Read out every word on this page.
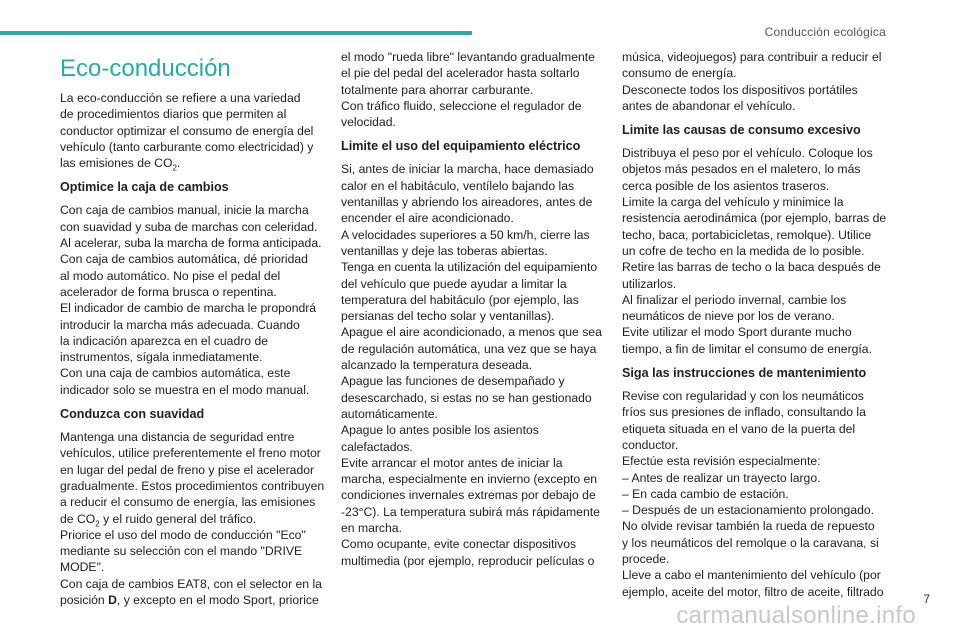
Conducción ecológica
Eco-conducción

La eco-conducción se refiere a una variedad
de procedimientos diarios que permiten al
conductor optimizar el consumo de energía del
vehículo (tanto carburante como electricidad) y
las emisiones de $CO_2$.

Optimice la caja de cambios

Con caja de cambios manual, inicie la marcha
con suavidad y suba de marchas con celeridad.
Al acelerar, suba la marcha de forma anticipada.
Con caja de cambios automática, dé prioridad
al modo automático. No pise el pedal del
acelerador de forma brusca o repentina.
El indicador de cambio de marcha le propondrá
introducir la marcha más adecuada. Cuando
la indicación aparezca en el cuadro de
instrumentos, sígala inmediatamente.
Con una caja de cambios automática, este
indicador solo se muestra en el modo manual.

Conduzca con suavidad

Mantenga una distancia de seguridad entre
vehículos, utilice preferentemente el freno motor
en lugar del pedal de freno y pise el acelerador
gradualmente. Estos procedimientos contribuyen
a reducir el consumo de energía, las emisiones
de $CO_2$ y el ruido general del tráfico.
Priorice el uso del modo de conducción "Eco"
mediante su selección con el mando "DRIVE
MODE".
Con caja de cambios EAT8, con el selector en la
posición D, y excepto en el modo Sport, priorice

el modo "rueda libre" levantando gradualmente
el pie del pedal del acelerador hasta soltarlo
totalmente para ahorrar carburante.
Con tráfico fluido, seleccione el regulador de
velocidad.

Limite el uso del equipamiento eléctrico

Si, antes de iniciar la marcha, hace demasiado
calor en el habitáculo, ventílelo bajando las
ventanillas y abriendo los aireadores, antes de
encender el aire acondicionado.
A velocidades superiores a 50 km/h, cierre las
ventanillas y deje las toberas abiertas.
Tenga en cuenta la utilización del equipamiento
del vehículo que puede ayudar a limitar la
temperatura del habitáculo (por ejemplo, las
persianas del techo solar y ventanillas).
Apague el aire acondicionado, a menos que sea
de regulación automática, una vez que se haya
alcanzado la temperatura deseada.
Apague las funciones de desempañado y
desescarchado, si estas no se han gestionado
automáticamente.
Apague lo antes posible los asientos
calefactados.
Evite arrancar el motor antes de iniciar la
marcha, especialmente en invierno (excepto en
condiciones invernales extremas por debajo de
-23°C). La temperatura subirá más rápidamente
en marcha.
Como ocupante, evite conectar dispositivos
multimedia (por ejemplo, reproducir películas o

música, videojuegos) para contribuir a reducir el
consumo de energía.
Desconecte todos los dispositivos portátiles
antes de abandonar el vehículo.

Limite las causas de consumo excesivo

Distribuya el peso por el vehículo. Coloque los
objetos más pesados en el maletero, lo más
cerca posible de los asientos traseros.
Limite la carga del vehículo y minimice la
resistencia aerodinámica (por ejemplo, barras de
techo, baca, portabicicletas, remolque). Utilice
un cofre de techo en la medida de lo posible.
Retire las barras de techo o la baca después de
utilizarlos.
Al finalizar el periodo invernal, cambie los
neumáticos de nieve por los de verano.
Evite utilizar el modo Sport durante mucho
tiempo, a fin de limitar el consumo de energía.

Siga las instrucciones de mantenimiento

Revise con regularidad y con los neumáticos
fríos sus presiones de inflado, consultando la
etiqueta situada en el vano de la puerta del
conductor.
Efectúe esta revisión especialmente:
– Antes de realizar un trayecto largo.
– En cada cambio de estación.
– Después de un estacionamiento prolongado.
No olvide revisar también la rueda de repuesto
y los neumáticos del remolque o la caravana, si
procede.
Lleve a cabo el mantenimiento del vehículo (por
ejemplo, aceite del motor, filtro de aceite, filtrado

7
carmanualsonline.info
